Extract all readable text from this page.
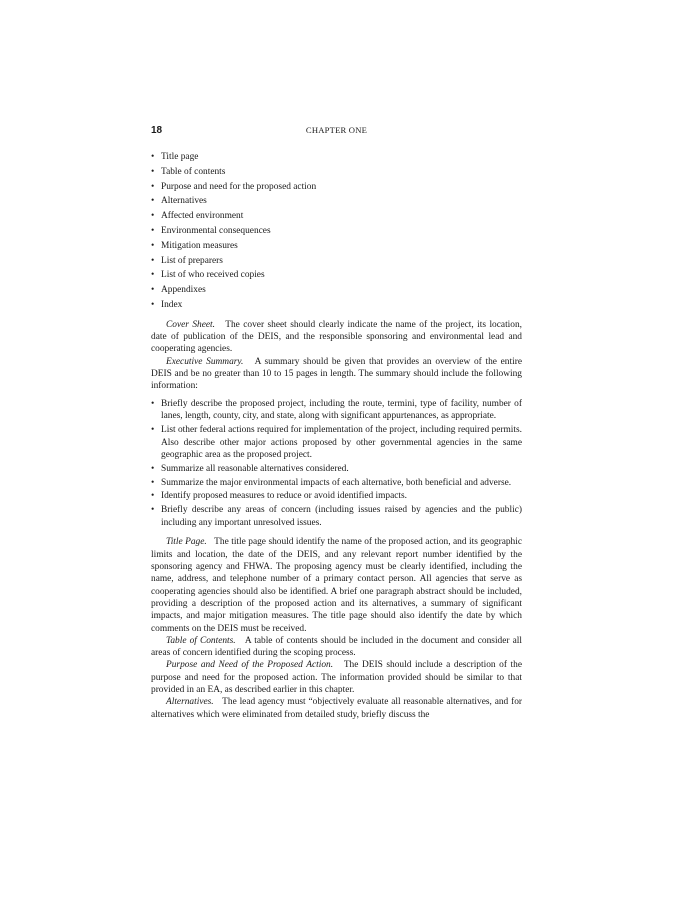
18	CHAPTER ONE
• Title page
• Table of contents
• Purpose and need for the proposed action
• Alternatives
• Affected environment
• Environmental consequences
• Mitigation measures
• List of preparers
• List of who received copies
• Appendixes
• Index

Cover Sheet. The cover sheet should clearly indicate the name of the project, its location, date of publication of the DEIS, and the responsible sponsoring and environmental lead and cooperating agencies.

Executive Summary. A summary should be given that provides an overview of the entire DEIS and be no greater than 10 to 15 pages in length. The summary should include the following information:

• Briefly describe the proposed project, including the route, termini, type of facility, number of lanes, length, county, city, and state, along with significant appurtenances, as appropriate.
• List other federal actions required for implementation of the project, including required permits. Also describe other major actions proposed by other governmental agencies in the same geographic area as the proposed project.
• Summarize all reasonable alternatives considered.
• Summarize the major environmental impacts of each alternative, both beneficial and adverse.
• Identify proposed measures to reduce or avoid identified impacts.
• Briefly describe any areas of concern (including issues raised by agencies and the public) including any important unresolved issues.

Title Page. The title page should identify the name of the proposed action, and its geographic limits and location, the date of the DEIS, and any relevant report number identified by the sponsoring agency and FHWA. The proposing agency must be clearly identified, including the name, address, and telephone number of a primary contact person. All agencies that serve as cooperating agencies should also be identified. A brief one paragraph abstract should be included, providing a description of the proposed action and its alternatives, a summary of significant impacts, and major mitigation measures. The title page should also identify the date by which comments on the DEIS must be received.

Table of Contents. A table of contents should be included in the document and consider all areas of concern identified during the scoping process.

Purpose and Need of the Proposed Action. The DEIS should include a description of the purpose and need for the proposed action. The information provided should be similar to that provided in an EA, as described earlier in this chapter.

Alternatives. The lead agency must “objectively evaluate all reasonable alternatives, and for alternatives which were eliminated from detailed study, briefly discuss the
